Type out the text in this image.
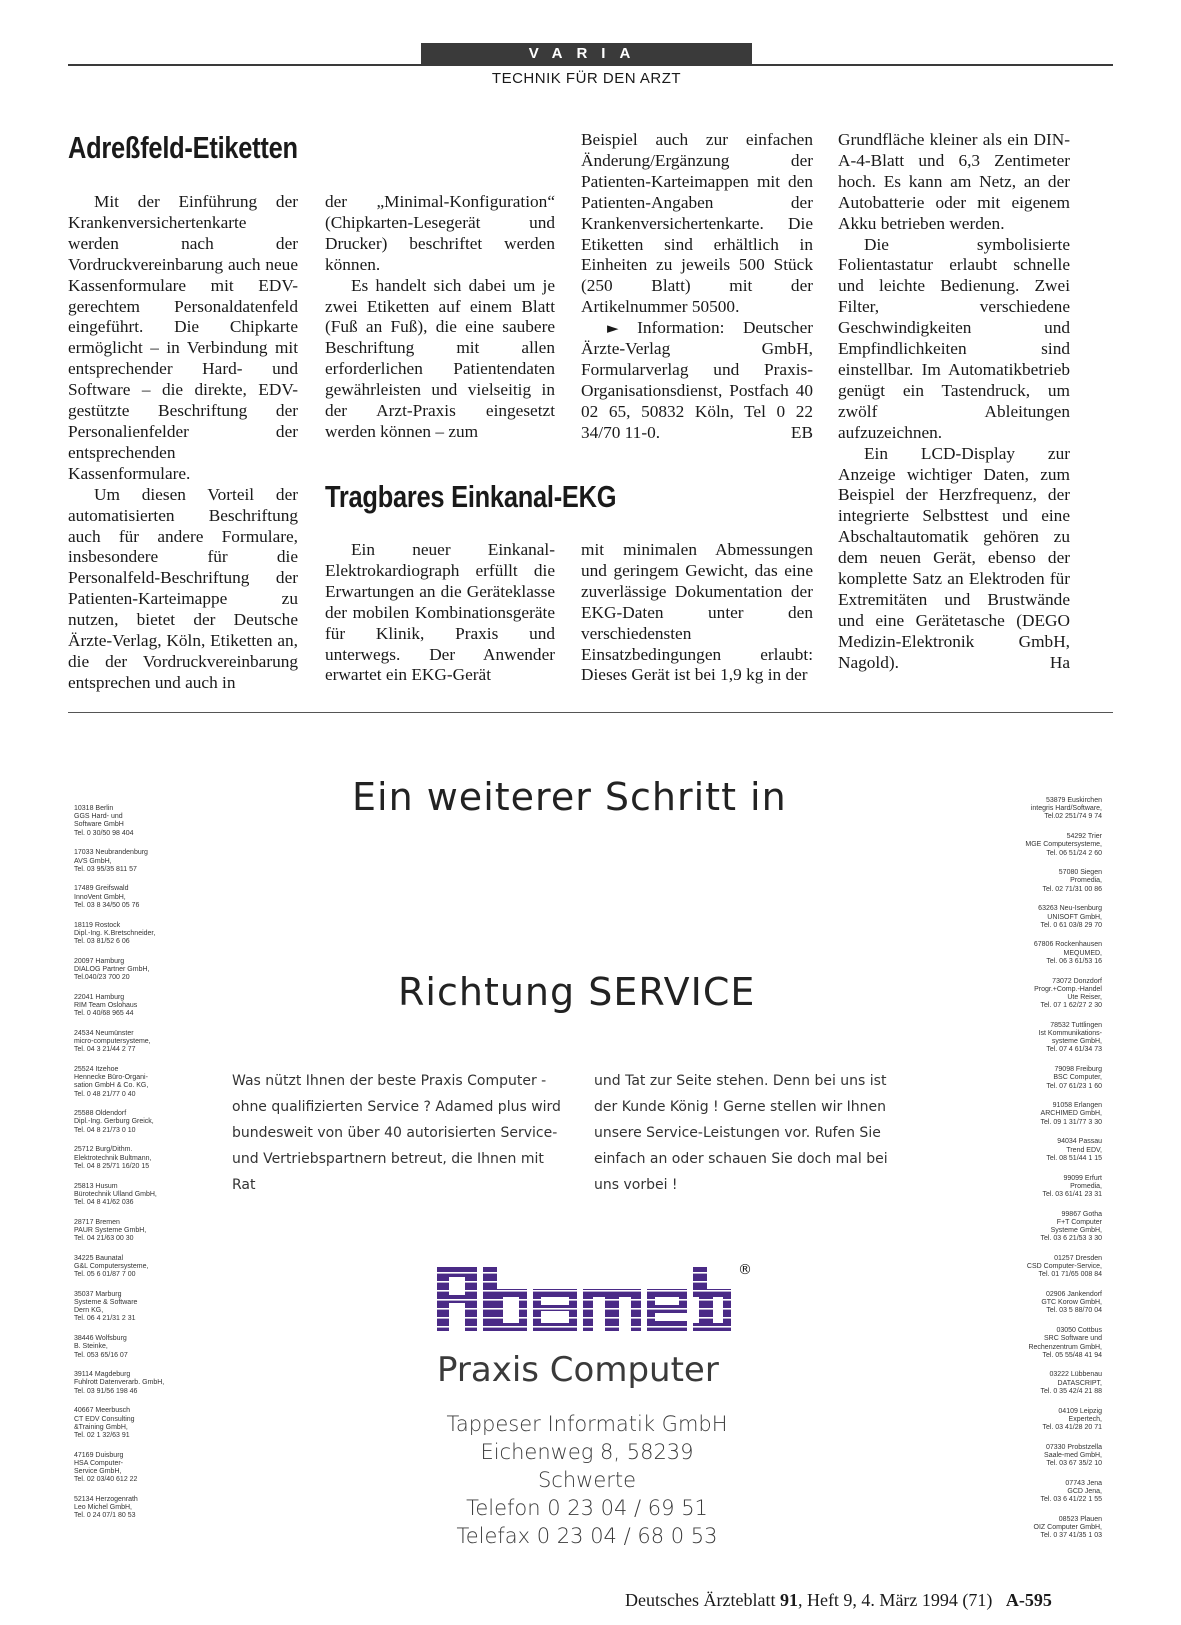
VARIA
TECHNIK FÜR DEN ARZT
Adreßfeld-Etiketten

Mit der Einführung der Krankenversichertenkarte werden nach der Vordruckvereinbarung auch neue Kassenformulare mit EDV-gerechtem Personaldatenfeld eingeführt. Die Chipkarte ermöglicht – in Verbindung mit entsprechender Hard- und Software – die direkte, EDV-gestützte Beschriftung der Personalienfelder der entsprechenden Kassenformulare.

Um diesen Vorteil der automatisierten Beschriftung auch für andere Formulare, insbesondere für die Personalfeld-Beschriftung der Patienten-Karteimappe zu nutzen, bietet der Deutsche Ärzte-Verlag, Köln, Etiketten an, die der Vordruckvereinbarung entsprechen und auch in

der „Minimal-Konfiguration“ (Chipkarten-Lesegerät und Drucker) beschriftet werden können.

Es handelt sich dabei um je zwei Etiketten auf einem Blatt (Fuß an Fuß), die eine saubere Beschriftung mit allen erforderlichen Patientendaten gewährleisten und vielseitig in der Arzt-Praxis eingesetzt werden können – zum

Beispiel auch zur einfachen Änderung/Ergänzung der Patienten-Karteimappen mit den Patienten-Angaben der Krankenversichertenkarte. Die Etiketten sind erhältlich in Einheiten zu jeweils 500 Stück (250 Blatt) mit der Artikelnummer 50500.

► Information: Deutscher Ärzte-Verlag GmbH, Formularverlag und Praxis-Organisationsdienst, Postfach 40 02 65, 50832 Köln, Tel 0 22 34/70 11-0.	EB

Tragbares Einkanal-EKG

Ein neuer Einkanal-Elektrokardiograph erfüllt die Erwartungen an die Geräteklasse der mobilen Kombinationsgeräte für Klinik, Praxis und unterwegs. Der Anwender erwartet ein EKG-Gerät

mit minimalen Abmessungen und geringem Gewicht, das eine zuverlässige Dokumentation der EKG-Daten unter den verschiedensten Einsatzbedingungen erlaubt: Dieses Gerät ist bei 1,9 kg in der

Grundfläche kleiner als ein DIN-A-4-Blatt und 6,3 Zentimeter hoch. Es kann am Netz, an der Autobatterie oder mit eigenem Akku betrieben werden.

Die symbolisierte Folientastatur erlaubt schnelle und leichte Bedienung. Zwei Filter, verschiedene Geschwindigkeiten und Empfindlichkeiten sind einstellbar. Im Automatikbetrieb genügt ein Tastendruck, um zwölf Ableitungen aufzuzeichnen.

Ein LCD-Display zur Anzeige wichtiger Daten, zum Beispiel der Herzfrequenz, der integrierte Selbsttest und eine Abschaltautomatik gehören zu dem neuen Gerät, ebenso der komplette Satz an Elektroden für Extremitäten und Brustwände und eine Gerätetasche (DEGO Medizin-Elektronik GmbH, Nagold).	Ha

Ein weiterer Schritt in
Richtung SERVICE
Was nützt Ihnen der beste Praxis Computer - ohne qualifizierten Service ? Adamed plus wird bundesweit von über 40 autorisierten Service- und Vertriebspartnern betreut, die Ihnen mit Rat
und Tat zur Seite stehen. Denn bei uns ist der Kunde König ! Gerne stellen wir Ihnen unsere Service-Leistungen vor. Rufen Sie einfach an oder schauen Sie doch mal bei uns vorbei !
®
Praxis Computer
Tappeser Informatik GmbH
Eichenweg 8, 58239 Schwerte
Telefon 0 23 04 / 69 51
Telefax 0 23 04 / 68 0 53
10318 Berlin
GGS Hard- und
Software GmbH
Tel. 0 30/50 98 404
17033 Neubrandenburg
AVS GmbH,
Tel. 03 95/35 811 57
17489 Greifswald
InnoVent GmbH,
Tel. 03 8 34/50 05 76
18119 Rostock
Dipl.-Ing. K.Bretschneider,
Tel. 03 81/52 6 06
20097 Hamburg
DIALOG Partner GmbH,
Tel.040/23 700 20
22041 Hamburg
RIM Team Oslohaus
Tel. 0 40/68 965 44
24534 Neumünster
micro-computersysteme,
Tel. 04 3 21/44 2 77
25524 Itzehoe
Hennecke Büro-Organi-
sation GmbH & Co. KG,
Tel. 0 48 21/77 0 40
25588 Oldendorf
Dipl.-Ing. Gerburg Greick,
Tel. 04 8 21/73 0 10
25712 Burg/Dithm.
Elektrotechnik Bultmann,
Tel. 04 8 25/71 16/20 15
25813 Husum
Bürotechnik Ulland GmbH,
Tel. 04 8 41/62 036
28717 Bremen
PAUR Systeme GmbH,
Tel. 04 21/63 00 30
34225 Baunatal
G&L Computersysteme,
Tel. 05 6 01/87 7 00
35037 Marburg
Systeme & Software
Dern KG,
Tel. 06 4 21/31 2 31
38446 Wolfsburg
B. Steinke,
Tel. 053 65/16 07
39114 Magdeburg
Fuhlrott Datenverarb. GmbH,
Tel. 03 91/56 198 46
40667 Meerbusch
CT EDV Consulting
&Training GmbH,
Tel. 02 1 32/63 91
47169 Duisburg
HSA Computer-
Service GmbH,
Tel. 02 03/40 612 22
52134 Herzogenrath
Leo Michel GmbH,
Tel. 0 24 07/1 80 53
53879 Euskirchen
integris Hard/Software,
Tel.02 251/74 9 74
54292 Trier
MGE Computersysteme,
Tel. 06 51/24 2 60
57080 Siegen
Promedia,
Tel. 02 71/31 00 86
63263 Neu-Isenburg
UNISOFT GmbH,
Tel. 0 61 03/8 29 70
67806 Rockenhausen
MEQUMED,
Tel. 06 3 61/53 16
73072 Donzdorf
Progr.+Comp.-Handel
Ute Reiser,
Tel. 07 1 62/27 2 30
78532 Tuttlingen
Ist Kommunikations-
systeme GmbH,
Tel. 07 4 61/34 73
79098 Freiburg
BSC Computer,
Tel. 07 61/23 1 60
91058 Erlangen
ARCHIMED GmbH,
Tel. 09 1 31/77 3 30
94034 Passau
Trend EDV,
Tel. 08 51/44 1 15
99099 Erfurt
Promedia,
Tel. 03 61/41 23 31
99867 Gotha
F+T Computer
Systeme GmbH,
Tel. 03 6 21/53 3 30
01257 Dresden
CSD Computer-Service,
Tel. 01 71/65 008 84
02906 Jankendorf
GTC Korow GmbH,
Tel. 03 5 88/70 04
03050 Cottbus
SRC Software und
Rechenzentrum GmbH,
Tel. 05 55/48 41 94
03222 Lübbenau
DATASCRIPT,
Tel. 0 35 42/4 21 88
04109 Leipzig
Expertech,
Tel. 03 41/28 20 71
07330 Probstzella
Saale-med GmbH,
Tel. 03 67 35/2 10
07743 Jena
GCD Jena,
Tel. 03 6 41/22 1 55
08523 Plauen
OIZ Computer GmbH,
Tel. 0 37 41/35 1 03
Deutsches Ärzteblatt 91, Heft 9, 4. März 1994 (71) A-595
